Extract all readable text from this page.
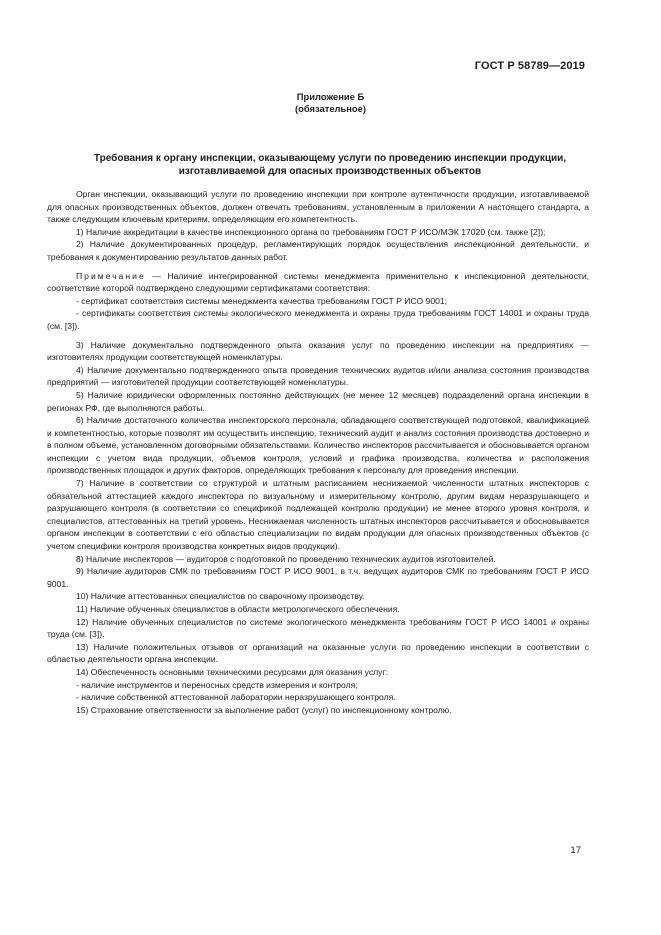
ГОСТ Р 58789—2019
Приложение Б
(обязательное)
Требования к органу инспекции, оказывающему услуги по проведению инспекции продукции, изготавливаемой для опасных производственных объектов

Орган инспекции, оказывающий услуги по проведению инспекции при контроле аутентичности продукции, изготавливаемой для опасных производственных объектов, должен отвечать требованиям, установленным в приложении А настоящего стандарта, а также следующим ключевым критериям, определяющим его компетентность.

1) Наличие аккредитации в качестве инспекционного органа по требованиям ГОСТ Р ИСО/МЭК 17020 (см. также [2]);

2) Наличие документированных процедур, регламентирующих порядок осуществления инспекционной деятельности, и требования к документированию результатов данных работ.

Примечание — Наличие интегрированной системы менеджмента применительно к инспекционной деятельности, соответствие которой подтверждено следующими сертификатами соответствия:

- сертификат соответствия системы менеджмента качества требованиям ГОСТ Р ИСО 9001;

- сертификаты соответствия системы экологического менеджмента и охраны труда требованиям ГОСТ 14001 и охраны труда (см. [3]).

3) Наличие документально подтвержденного опыта оказания услуг по проведению инспекции на предприятиях — изготовителях продукции соответствующей номенклатуры.

4) Наличие документально подтвержденного опыта проведения технических аудитов и/или анализа состояния производства предприятий — изготовителей продукции соответствующей номенклатуры.

5) Наличие юридически оформленных постоянно действующих (не менее 12 месяцев) подразделений органа инспекции в регионах РФ, где выполняются работы.

6) Наличие достаточного количества инспекторского персонала, обладающего соответствующей подготовкой, квалификацией и компетентностью, которые позволят им осуществить инспекцию, технический аудит и анализ состояния производства достоверно и в полном объеме, установленном договорными обязательствами. Количество инспекторов рассчитывается и обосновывается органом инспекции с учетом вида продукции, объемов контроля, условий и графика производства, количества и расположения производственных площадок и других факторов, определяющих требования к персоналу для проведения инспекции.

7) Наличие в соответствии со структурой и штатным расписанием неснижаемой численности штатных инспекторов с обязательной аттестацией каждого инспектора по визуальному и измерительному контролю, другим видам неразрушающего и разрушающего контроля (в соответствии со спецификой подлежащей контролю продукции) не менее второго уровня контроля, и специалистов, аттестованных на третий уровень. Неснижаемая численность штатных инспекторов рассчитывается и обосновывается органом инспекции в соответствии с его областью специализации по видам продукции для опасных производственных объектов (с учетом специфики контроля производства конкретных видов продукции).

8) Наличие инспекторов — аудиторов с подготовкой по проведению технических аудитов изготовителей.

9) Наличие аудиторов СМК по требованиям ГОСТ Р ИСО 9001, в т.ч. ведущих аудиторов СМК по требованиям ГОСТ Р ИСО 9001.

10) Наличие аттестованных специалистов по сварочному производству.

11) Наличие обученных специалистов в области метрологического обеспечения.

12) Наличие обученных специалистов по системе экологического менеджмента требованиям ГОСТ Р ИСО 14001 и охраны труда (см. [3]).

13) Наличие положительных отзывов от организаций на оказанные услуги по проведению инспекции в соответствии с областью деятельности органа инспекции.

14) Обеспеченность основными техническими ресурсами для оказания услуг:

- наличие инструментов и переносных средств измерения и контроля;

- наличие собственной аттестованной лаборатории неразрушающего контроля.

15) Страхование ответственности за выполнение работ (услуг) по инспекционному контролю.

17
